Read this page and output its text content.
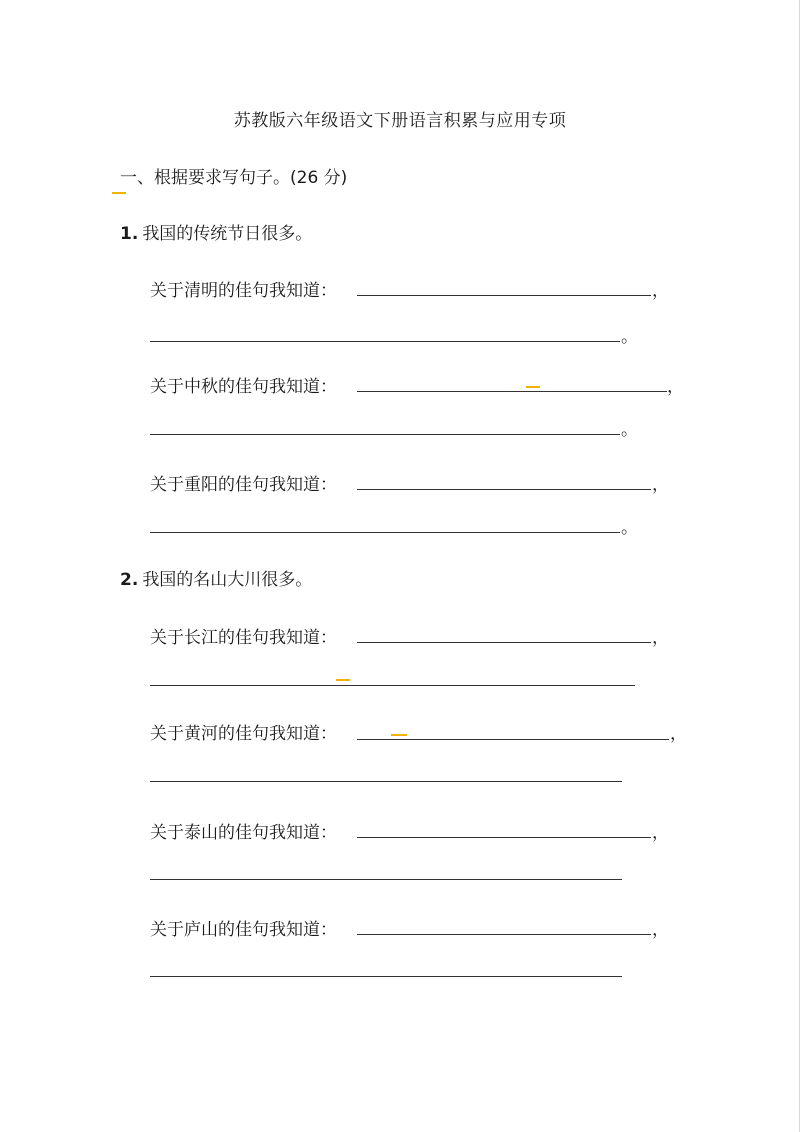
苏教版六年级语文下册语言积累与应用专项
一、根据要求写句子。(26 分)
1. 我国的传统节日很多。
关于清明的佳句我知道：	，
。
关于中秋的佳句我知道：	，
。
关于重阳的佳句我知道：	，
。
2. 我国的名山大川很多。
关于长江的佳句我知道：	，
关于黄河的佳句我知道：	，
关于泰山的佳句我知道：	，
关于庐山的佳句我知道：	，
